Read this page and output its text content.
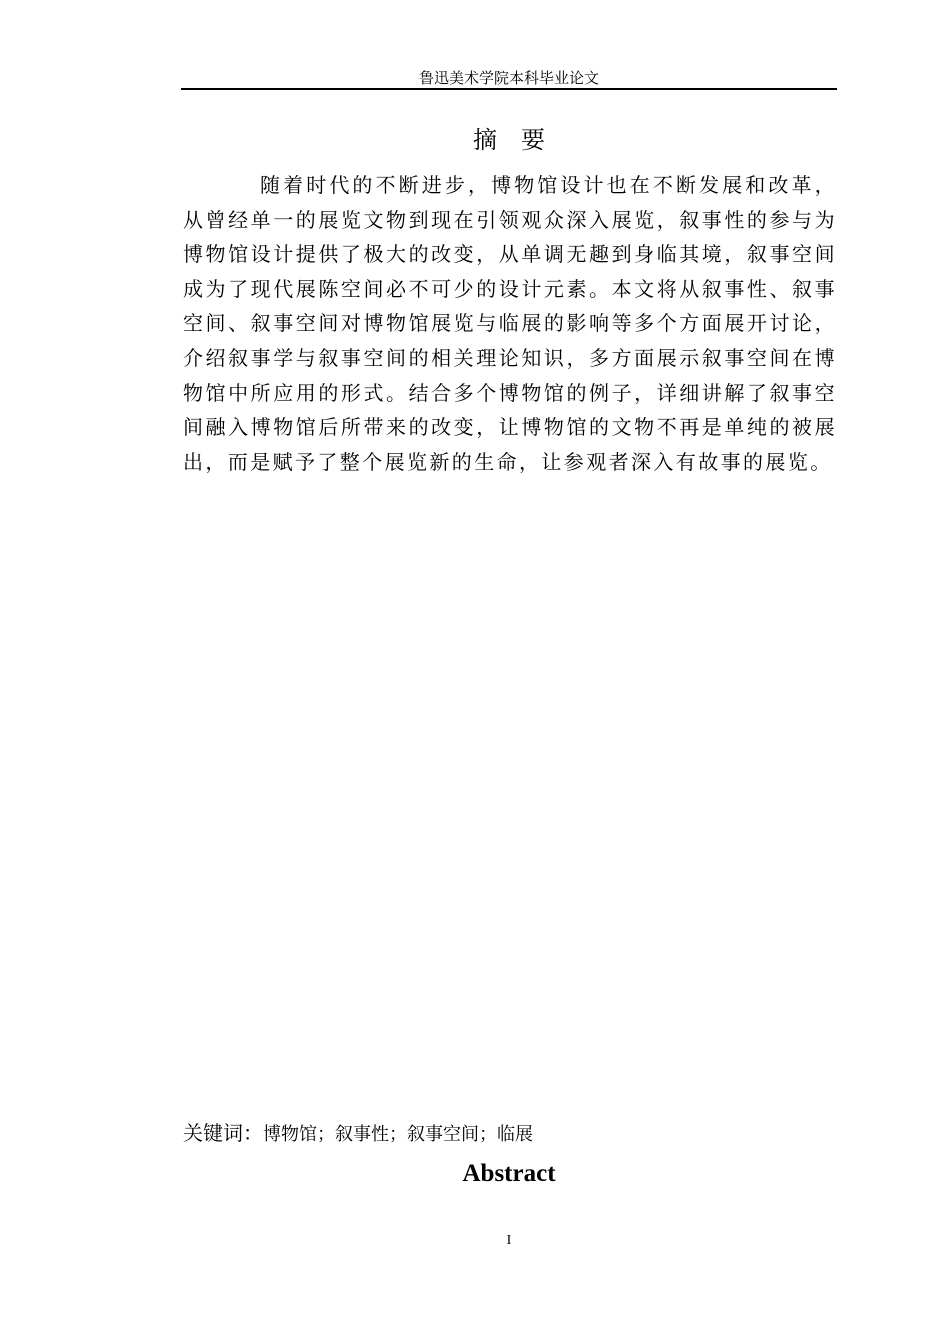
鲁迅美术学院本科毕业论文
摘要
随着时代的不断进步，博物馆设计也在不断发展和改革，从曾经单一的展览文物到现在引领观众深入展览，叙事性的参与为博物馆设计提供了极大的改变，从单调无趣到身临其境，叙事空间成为了现代展陈空间必不可少的设计元素。本文将从叙事性、叙事空间、叙事空间对博物馆展览与临展的影响等多个方面展开讨论，介绍叙事学与叙事空间的相关理论知识，多方面展示叙事空间在博物馆中所应用的形式。结合多个博物馆的例子，详细讲解了叙事空间融入博物馆后所带来的改变，让博物馆的文物不再是单纯的被展出，而是赋予了整个展览新的生命，让参观者深入有故事的展览。
关键词：博物馆；叙事性；叙事空间；临展
Abstract
I
